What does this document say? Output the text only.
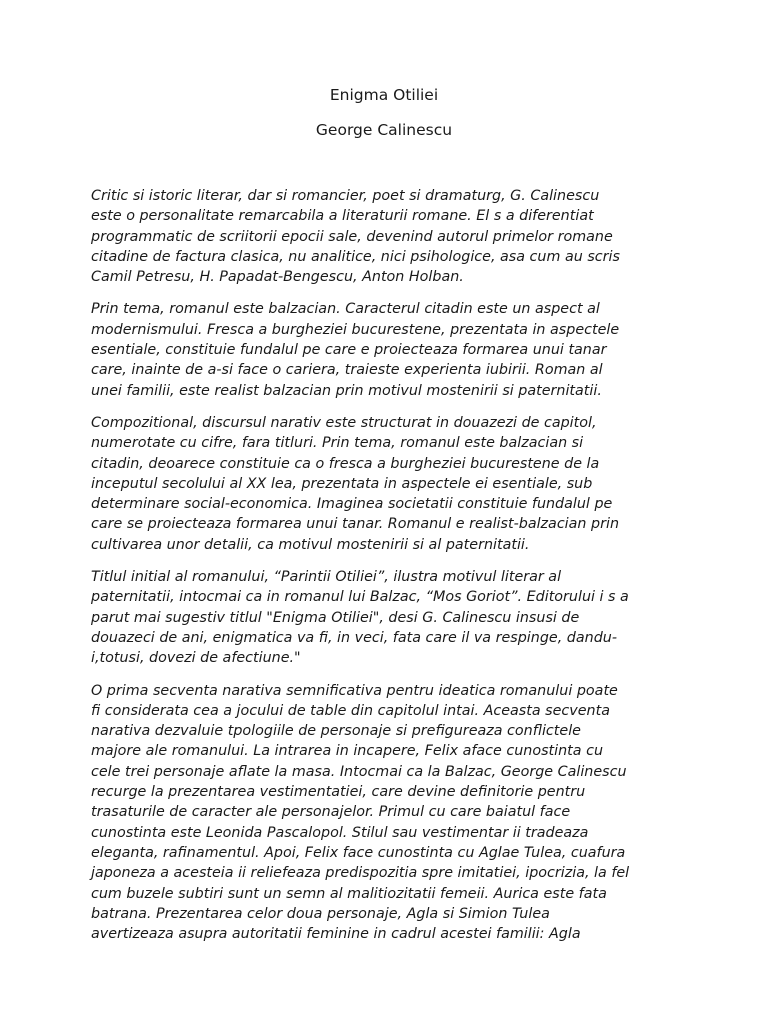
Enigma Otiliei
George Calinescu

Critic si istoric literar, dar si romancier, poet si dramaturg, G. Calinescu
este o personalitate remarcabila a literaturii romane. El s a diferentiat
programmatic de scriitorii epocii sale, devenind autorul primelor romane
citadine de factura clasica, nu analitice, nici psihologice, asa cum au scris
Camil Petresu, H. Papadat-Bengescu, Anton Holban.

Prin tema, romanul este balzacian. Caracterul citadin este un aspect al
modernismului. Fresca a burgheziei bucurestene, prezentata in aspectele
esentiale, constituie fundalul pe care e proiecteaza formarea unui tanar
care, inainte de a-si face o cariera, traieste experienta iubirii. Roman al
unei familii, este realist balzacian prin motivul mostenirii si paternitatii.

Compozitional, discursul narativ este structurat in douazezi de capitol,
numerotate cu cifre, fara titluri. Prin tema, romanul este balzacian si
citadin, deoarece constituie ca o fresca a burgheziei bucurestene de la
inceputul secolului al XX lea, prezentata in aspectele ei esentiale, sub
determinare social-economica. Imaginea societatii constituie fundalul pe
care se proiecteaza formarea unui tanar. Romanul e realist-balzacian prin
cultivarea unor detalii, ca motivul mostenirii si al paternitatii.

Titlul initial al romanului, “Parintii Otiliei”, ilustra motivul literar al
paternitatii, intocmai ca in romanul lui Balzac, “Mos Goriot”. Editorului i s a
parut mai sugestiv titlul "Enigma Otiliei", desi G. Calinescu insusi de
douazeci de ani, enigmatica va fi, in veci, fata care il va respinge, dandu-
i,totusi, dovezi de afectiune."

O prima secventa narativa semnificativa pentru ideatica romanului poate
fi considerata cea a jocului de table din capitolul intai. Aceasta secventa
narativa dezvaluie tpologiile de personaje si prefigureaza conflictele
majore ale romanului. La intrarea in incapere, Felix aface cunostinta cu
cele trei personaje aflate la masa. Intocmai ca la Balzac, George Calinescu
recurge la prezentarea vestimentatiei, care devine definitorie pentru
trasaturile de caracter ale personajelor. Primul cu care baiatul face
cunostinta este Leonida Pascalopol. Stilul sau vestimentar ii tradeaza
eleganta, rafinamentul. Apoi, Felix face cunostinta cu Aglae Tulea, cuafura
japoneza a acesteia ii reliefeaza predispozitia spre imitatiei, ipocrizia, la fel
cum buzele subtiri sunt un semn al malitiozitatii femeii. Aurica este fata
batrana. Prezentarea celor doua personaje, Agla si Simion Tulea
avertizeaza asupra autoritatii feminine in cadrul acestei familii: Agla
